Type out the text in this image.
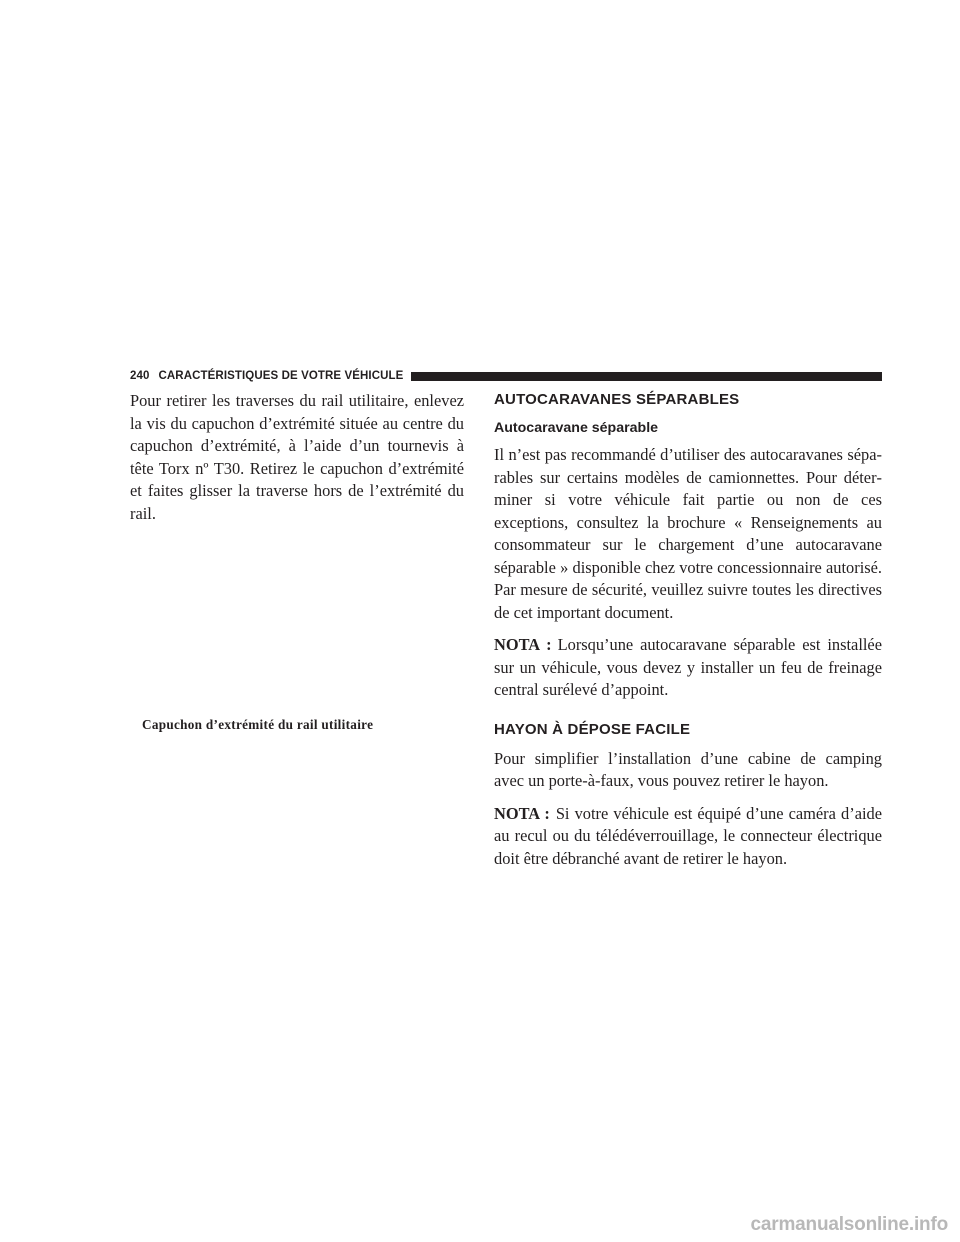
240 CARACTÉRISTIQUES DE VOTRE VÉHICULE

Pour retirer les traverses du rail utilitaire, enlevez la vis du capuchon d’extrémité située au centre du capuchon d’extrémité, à l’aide d’un tournevis à tête Torx nº T30. Retirez le capuchon d’extrémité et faites glisser la traverse hors de l’extrémité du rail.

Capuchon d’extrémité du rail utilitaire
AUTOCARAVANES SÉPARABLES
Autocaravane séparable

Il n’est pas recommandé d’utiliser des autocaravanes séparables sur certains modèles de camionnettes. Pour déterminer si votre véhicule fait partie ou non de ces exceptions, consultez la brochure « Renseignements au consommateur sur le chargement d’une autocaravane séparable » disponible chez votre concessionnaire autorisé. Par mesure de sécurité, veuillez suivre toutes les directives de cet important document.

NOTA : Lorsqu’une autocaravane séparable est installée sur un véhicule, vous devez y installer un feu de freinage central surélevé d’appoint.

HAYON À DÉPOSE FACILE

Pour simplifier l’installation d’une cabine de camping avec un porte-à-faux, vous pouvez retirer le hayon.

NOTA : Si votre véhicule est équipé d’une caméra d’aide au recul ou du télédéverrouillage, le connecteur électrique doit être débranché avant de retirer le hayon.

carmanualsonline.info
